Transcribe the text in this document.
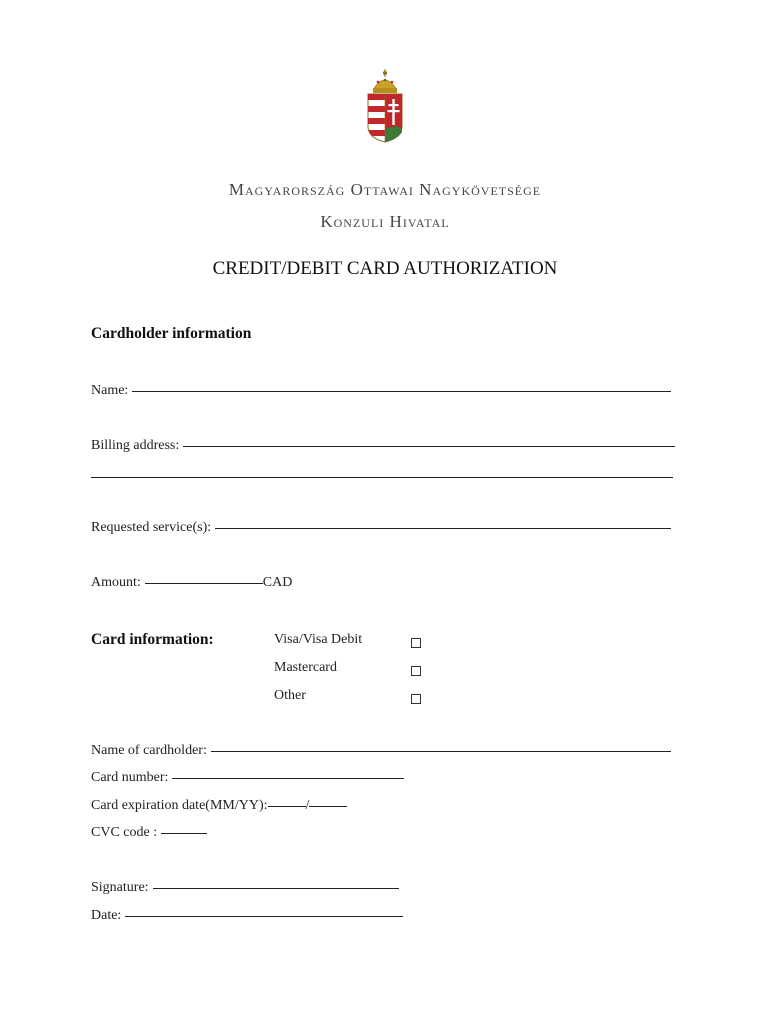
Magyarország Ottawai Nagykövetsége
Konzuli Hivatal
CREDIT/DEBIT CARD AUTHORIZATION
Cardholder information
Name:
Billing address:
Requested service(s):
Amount:	CAD
Card information:	Visa/Visa Debit
Mastercard
Other
Name of cardholder:
Card number:
Card expiration date(MM/YY):	/
CVC code :
Signature:
Date:
